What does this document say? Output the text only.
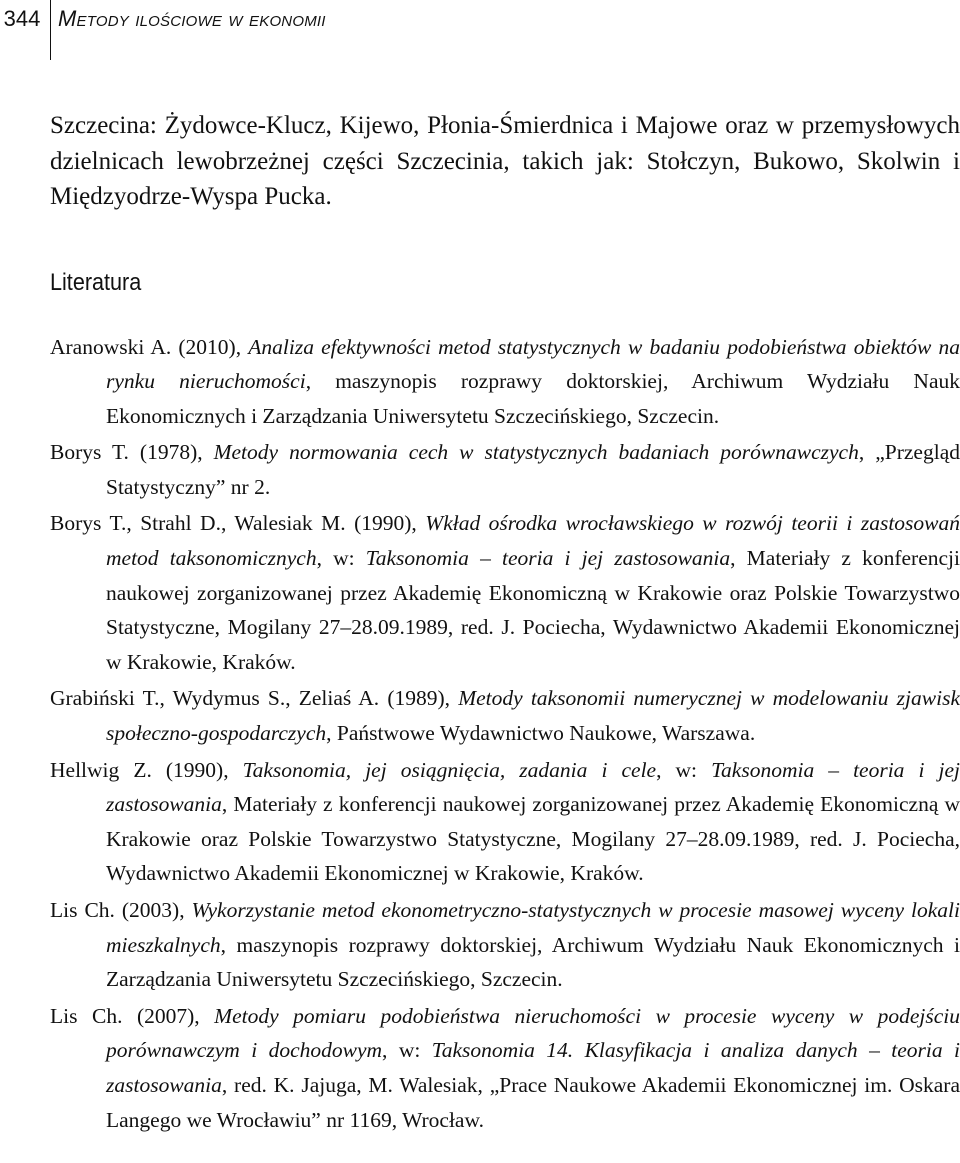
344 Metody ilościowe w ekonomii

Szczecina: Żydowce-Klucz, Kijewo, Płonia-Śmierdnica i Majowe oraz w przemysłowych dzielnicach lewobrzeżnej części Szczecinia, takich jak: Stołczyn, Bukowo, Skolwin i Międzyodrze-Wyspa Pucka.

Literatura
Aranowski A. (2010), Analiza efektywności metod statystycznych w badaniu podobieństwa obiektów na rynku nieruchomości, maszynopis rozprawy doktorskiej, Archiwum Wydziału Nauk Ekonomicznych i Zarządzania Uniwersytetu Szczecińskiego, Szczecin.
Borys T. (1978), Metody normowania cech w statystycznych badaniach porównawczych, „Przegląd Statystyczny” nr 2.
Borys T., Strahl D., Walesiak M. (1990), Wkład ośrodka wrocławskiego w rozwój teorii i zastosowań metod taksonomicznych, w: Taksonomia – teoria i jej zastosowania, Materiały z konferencji naukowej zorganizowanej przez Akademię Ekonomiczną w Krakowie oraz Polskie Towarzystwo Statystyczne, Mogilany 27–28.09.1989, red. J. Pociecha, Wydawnictwo Akademii Ekonomicznej w Krakowie, Kraków.
Grabiński T., Wydymus S., Zeliaś A. (1989), Metody taksonomii numerycznej w modelowaniu zjawisk społeczno-gospodarczych, Państwowe Wydawnictwo Naukowe, Warszawa.
Hellwig Z. (1990), Taksonomia, jej osiągnięcia, zadania i cele, w: Taksonomia – teoria i jej zastosowania, Materiały z konferencji naukowej zorganizowanej przez Akademię Ekonomiczną w Krakowie oraz Polskie Towarzystwo Statystyczne, Mogilany 27–28.09.1989, red. J. Pociecha, Wydawnictwo Akademii Ekonomicznej w Krakowie, Kraków.
Lis Ch. (2003), Wykorzystanie metod ekonometryczno-statystycznych w procesie masowej wyceny lokali mieszkalnych, maszynopis rozprawy doktorskiej, Archiwum Wydziału Nauk Ekonomicznych i Zarządzania Uniwersytetu Szczecińskiego, Szczecin.
Lis Ch. (2007), Metody pomiaru podobieństwa nieruchomości w procesie wyceny w podejściu porównawczym i dochodowym, w: Taksonomia 14. Klasyfikacja i analiza danych – teoria i zastosowania, red. K. Jajuga, M. Walesiak, „Prace Naukowe Akademii Ekonomicznej im. Oskara Langego we Wrocławiu” nr 1169, Wrocław.
